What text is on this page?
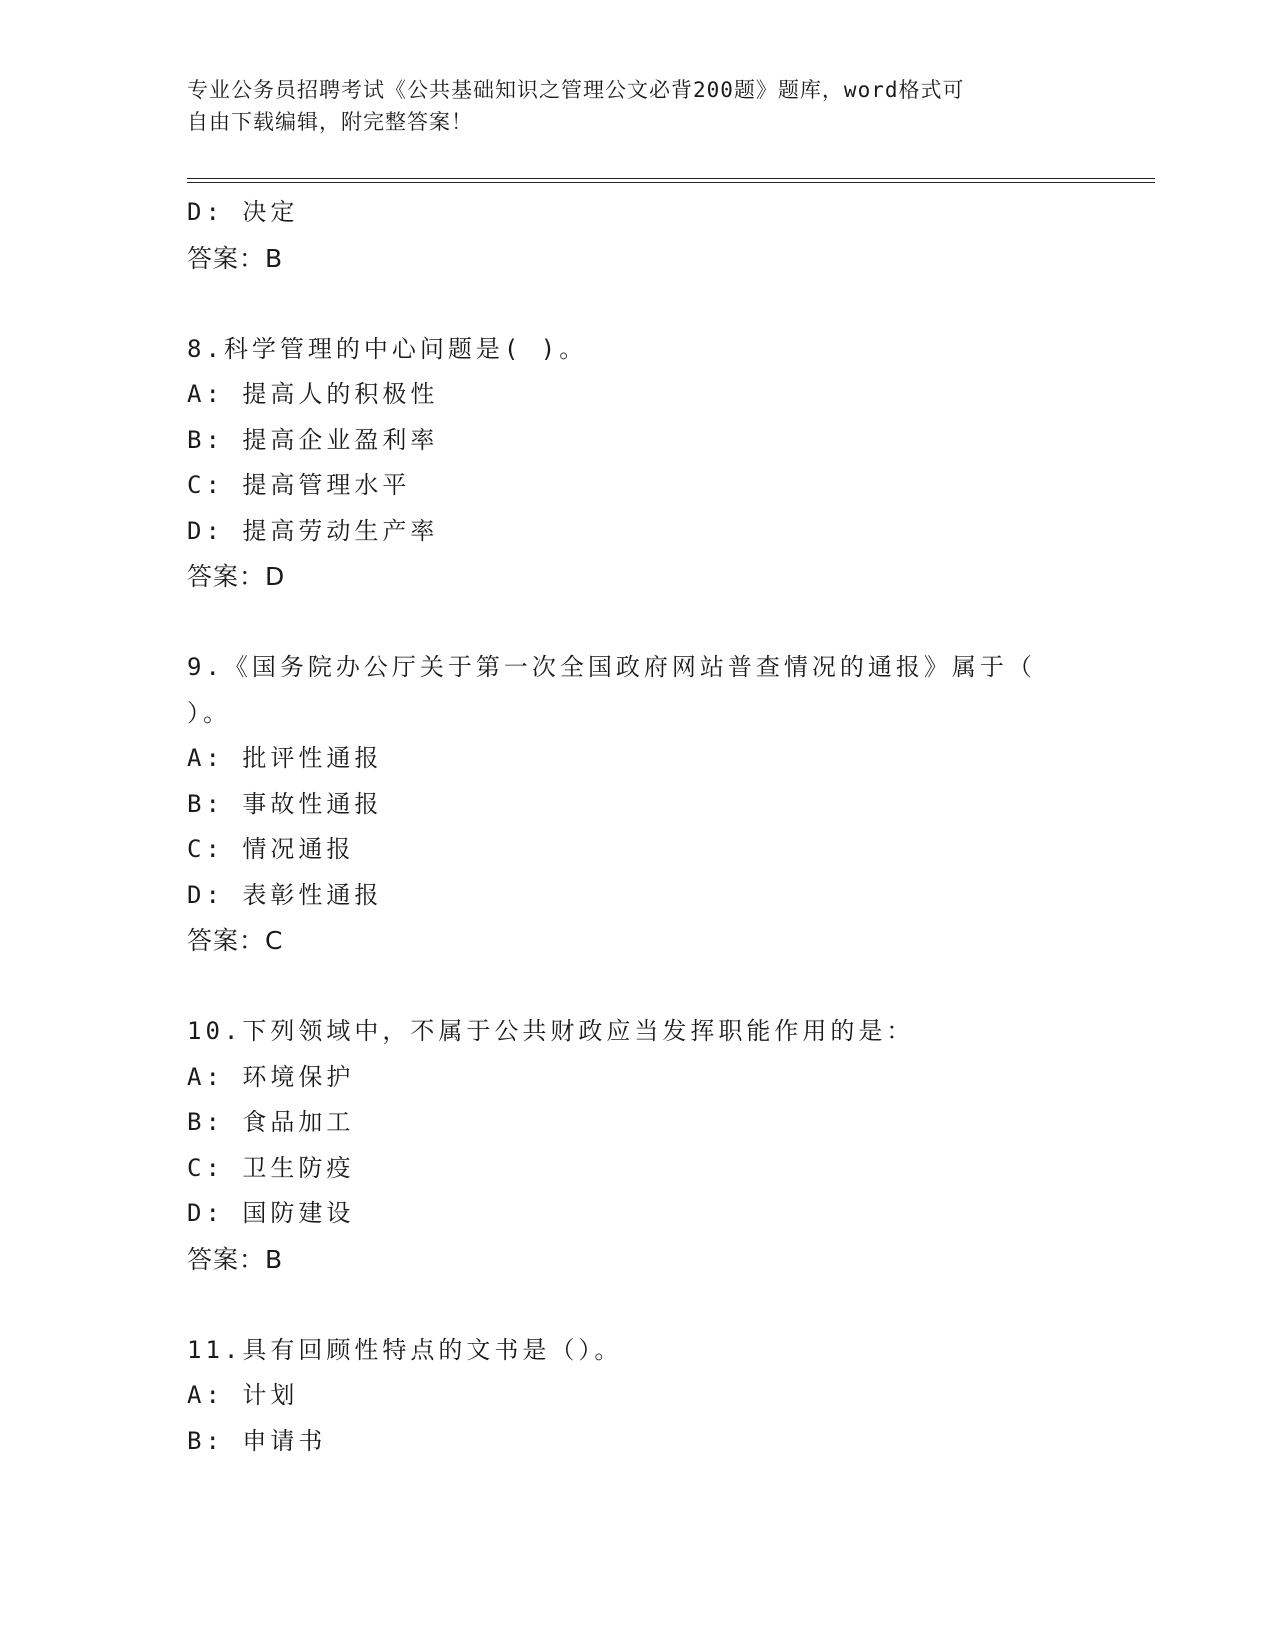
专业公务员招聘考试《公共基础知识之管理公文必背200题》题库，word格式可
自由下载编辑，附完整答案！
D: 决定
答案：B
8.科学管理的中心问题是( )。
A: 提高人的积极性
B: 提高企业盈利率
C: 提高管理水平
D: 提高劳动生产率
答案：D
9.《国务院办公厅关于第一次全国政府网站普查情况的通报》属于（
）。
A: 批评性通报
B: 事故性通报
C: 情况通报
D: 表彰性通报
答案：C
10.下列领域中，不属于公共财政应当发挥职能作用的是：
A: 环境保护
B: 食品加工
C: 卫生防疫
D: 国防建设
答案：B
11.具有回顾性特点的文书是（）。
A: 计划
B: 申请书
